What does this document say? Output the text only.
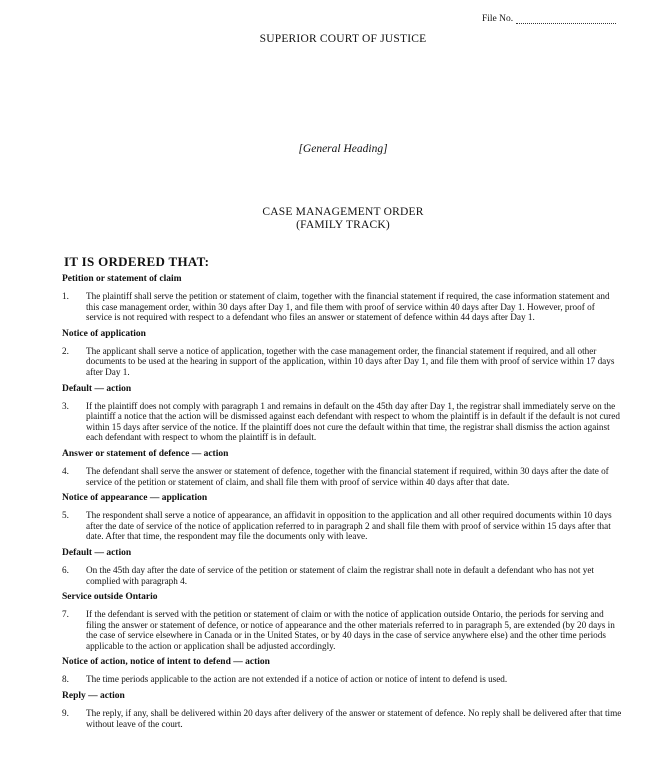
File No.
SUPERIOR COURT OF JUSTICE
[General Heading]
CASE MANAGEMENT ORDER
(FAMILY TRACK)
IT IS ORDERED THAT:
Petition or statement of claim
1.	The plaintiff shall serve the petition or statement of claim, together with the financial statement if required, the case information statement and this case management order, within 30 days after Day 1, and file them with proof of service within 40 days after Day 1. However, proof of service is not required with respect to a defendant who files an answer or statement of defence within 44 days after Day 1.
Notice of application
2.	The applicant shall serve a notice of application, together with the case management order, the financial statement if required, and all other documents to be used at the hearing in support of the application, within 10 days after Day 1, and file them with proof of service within 17 days after Day 1.
Default — action
3.	If the plaintiff does not comply with paragraph 1 and remains in default on the 45th day after Day 1, the registrar shall immediately serve on the plaintiff a notice that the action will be dismissed against each defendant with respect to whom the plaintiff is in default if the default is not cured within 15 days after service of the notice. If the plaintiff does not cure the default within that time, the registrar shall dismiss the action against each defendant with respect to whom the plaintiff is in default.
Answer or statement of defence — action
4.	The defendant shall serve the answer or statement of defence, together with the financial statement if required, within 30 days after the date of service of the petition or statement of claim, and shall file them with proof of service within 40 days after that date.
Notice of appearance — application
5.	The respondent shall serve a notice of appearance, an affidavit in opposition to the application and all other required documents within 10 days after the date of service of the notice of application referred to in paragraph 2 and shall file them with proof of service within 15 days after that date. After that time, the respondent may file the documents only with leave.
Default — action
6.	On the 45th day after the date of service of the petition or statement of claim the registrar shall note in default a defendant who has not yet complied with paragraph 4.
Service outside Ontario
7.	If the defendant is served with the petition or statement of claim or with the notice of application outside Ontario, the periods for serving and filing the answer or statement of defence, or notice of appearance and the other materials referred to in paragraph 5, are extended (by 20 days in the case of service elsewhere in Canada or in the United States, or by 40 days in the case of service anywhere else) and the other time periods applicable to the action or application shall be adjusted accordingly.
Notice of action, notice of intent to defend — action
8.	The time periods applicable to the action are not extended if a notice of action or notice of intent to defend is used.
Reply — action
9.	The reply, if any, shall be delivered within 20 days after delivery of the answer or statement of defence. No reply shall be delivered after that time without leave of the court.
